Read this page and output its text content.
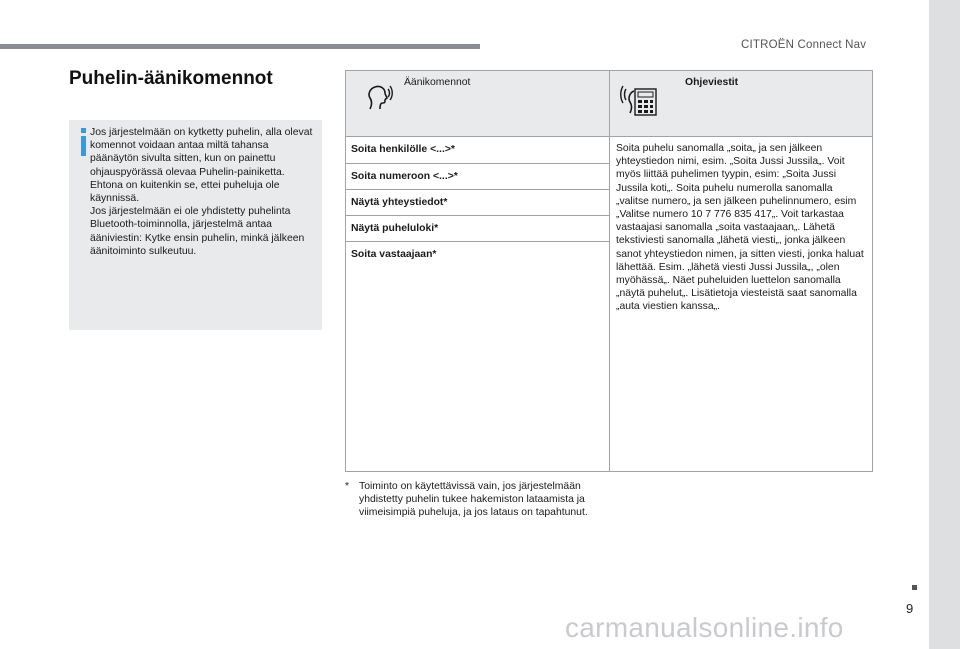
CITROËN Connect Nav
Puhelin-äänikomennot

Jos järjestelmään on kytketty puhelin, alla olevat komennot voidaan antaa miltä tahansa päänäytön sivulta sitten, kun on painettu ohjauspyörässä olevaa Puhelin-painiketta. Ehtona on kuitenkin se, ettei puheluja ole käynnissä.

Jos järjestelmään ei ole yhdistetty puhelinta Bluetooth-toiminnolla, järjestelmä antaa ääniviestin: Kytke ensin puhelin, minkä jälkeen äänitoiminto sulkeutuu.

Äänikomennot	Ohjeviestit
Soita henkilölle <...>*
Soita numeroon <...>*
Näytä yhteystiedot*
Näytä puheluloki*
Soita vastaajaan*

Soita puhelu sanomalla „soita„ ja sen jälkeen yhteystiedon nimi, esim. „Soita Jussi Jussila„. Voit myös liittää puhelimen tyypin, esim: „Soita Jussi Jussila koti„. Soita puhelu numerolla sanomalla „valitse numero„ ja sen jälkeen puhelinnumero, esim „Valitse numero 10 7 776 835 417„. Voit tarkastaa vastaajasi sanomalla „soita vastaajaan„. Lähetä tekstiviesti sanomalla „lähetä viesti„, jonka jälkeen sanot yhteystiedon nimen, ja sitten viesti, jonka haluat lähettää. Esim. „lähetä viesti Jussi Jussila„, „olen myöhässä„. Näet puheluiden luettelon sanomalla „näytä puhelut„. Lisätietoja viesteistä saat sanomalla „auta viestien kanssa„.

* Toiminto on käytettävissä vain, jos järjestelmään yhdistetty puhelin tukee hakemiston lataamista ja viimeisimpiä puheluja, ja jos lataus on tapahtunut.
9
carmanualsonline.info
